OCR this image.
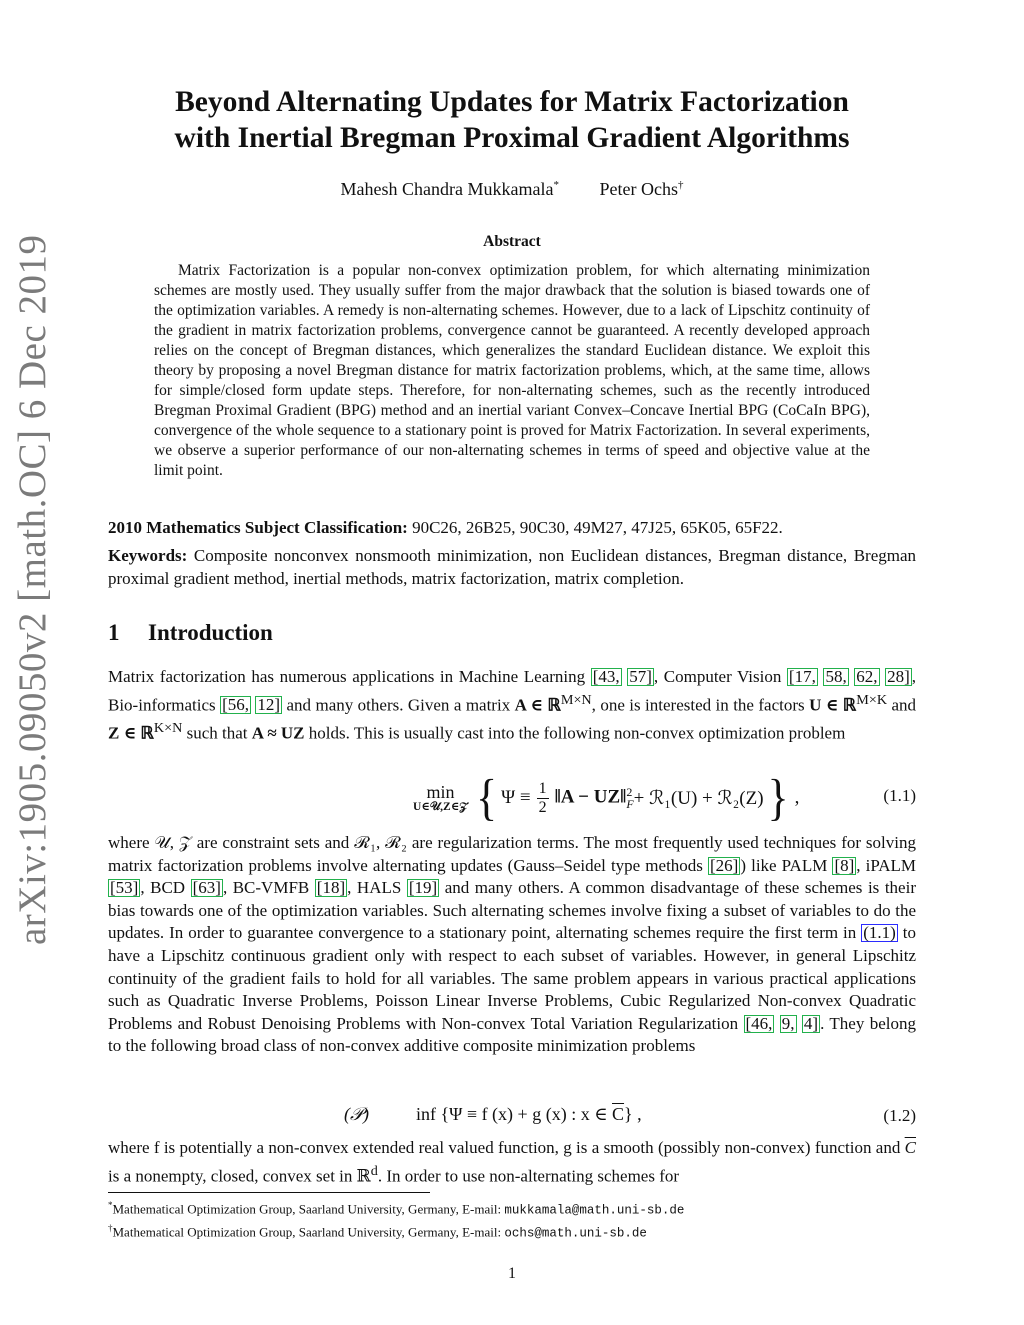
arXiv:1905.09050v2 [math.OC] 6 Dec 2019
Beyond Alternating Updates for Matrix Factorization
with Inertial Bregman Proximal Gradient Algorithms
Mahesh Chandra Mukkamala* Peter Ochs†
Abstract

Matrix Factorization is a popular non-convex optimization problem, for which alternating minimization schemes are mostly used. They usually suffer from the major drawback that the solution is biased towards one of the optimization variables. A remedy is non-alternating schemes. However, due to a lack of Lipschitz continuity of the gradient in matrix factorization problems, convergence cannot be guaranteed. A recently developed approach relies on the concept of Bregman distances, which generalizes the standard Euclidean distance. We exploit this theory by proposing a novel Bregman distance for matrix factorization problems, which, at the same time, allows for simple/closed form update steps. Therefore, for non-alternating schemes, such as the recently introduced Bregman Proximal Gradient (BPG) method and an inertial variant Convex–Concave Inertial BPG (CoCaIn BPG), convergence of the whole sequence to a stationary point is proved for Matrix Factorization. In several experiments, we observe a superior performance of our non-alternating schemes in terms of speed and objective value at the limit point.

2010 Mathematics Subject Classification: 90C26, 26B25, 90C30, 49M27, 47J25, 65K05, 65F22.

Keywords: Composite nonconvex nonsmooth minimization, non Euclidean distances, Bregman distance, Bregman proximal gradient method, inertial methods, matrix factorization, matrix completion.

1 Introduction

Matrix factorization has numerous applications in Machine Learning [43, 57] , Computer Vision [17, 58, 62, 28] , Bio-informatics [56, 12] and many others. Given a matrix A ∈ ℝ$^{M\times N}$, one is interested in the factors U ∈ ℝ$^{M\times K}$ and Z ∈ ℝ$^{K\times N}$ such that A ≈ UZ holds. This is usually cast into the following non-convex optimization problem

min
U∈𝒰,Z∈𝒵 { $\Psi \equiv \frac{1}{2}$ ‖A − UZ‖ 2
F + ℛ₁(U) + ℛ₂(Z) } ,	(1.1)

where 𝒰, 𝒵 are constraint sets and ℛ₁, ℛ₂ are regularization terms. The most frequently used techniques for solving matrix factorization problems involve alternating updates (Gauss–Seidel type methods [26] ) like PALM [8] , iPALM [53] , BCD [63] , BC-VMFB [18] , HALS [19] and many others. A common disadvantage of these schemes is their bias towards one of the optimization variables. Such alternating schemes involve fixing a subset of variables to do the updates. In order to guarantee convergence to a stationary point, alternating schemes require the first term in (1.1) to have a Lipschitz continuous gradient only with respect to each subset of variables. However, in general Lipschitz continuity of the gradient fails to hold for all variables. The same problem appears in various practical applications such as Quadratic Inverse Problems, Poisson Linear Inverse Problems, Cubic Regularized Non-convex Quadratic Problems and Robust Denoising Problems with Non-convex Total Variation Regularization [46, 9, 4] . They belong to the following broad class of non-convex additive composite minimization problems

(𝒫)	inf {Ψ ≡ f (x) + g (x) : x ∈ $\overline{C}$} ,	(1.2)

where f is potentially a non-convex extended real valued function, g is a smooth (possibly non-convex) function and $\overline{C}$ is a nonempty, closed, convex set in ℝ$^d$. In order to use non-alternating schemes for

*Mathematical Optimization Group, Saarland University, Germany, E-mail: mukkamala@math.uni-sb.de
†Mathematical Optimization Group, Saarland University, Germany, E-mail: ochs@math.uni-sb.de
1
